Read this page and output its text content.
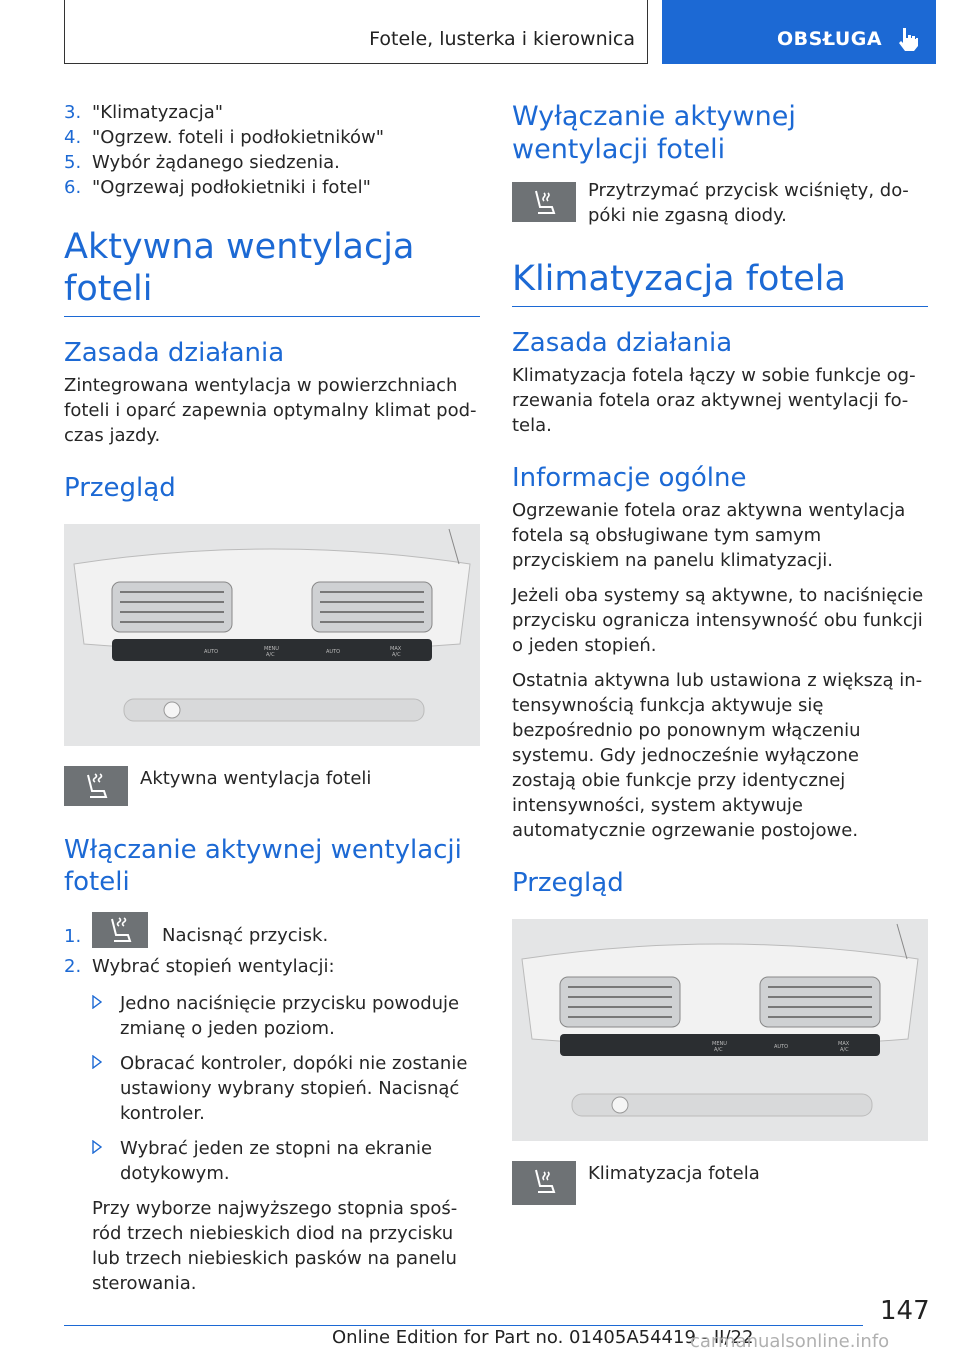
Fotele, lusterka i kierownica	OBSŁUGA
3. "Klimatyzacja"
4. "Ogrzew. foteli i podłokietników"
5. Wybór żądanego siedzenia.
6. "Ogrzewaj podłokietniki i fotel"
Aktywna wentylacja foteli
Zasada działania

Zintegrowana wentylacja w powierzchniach foteli i oparć zapewnia optymalny klimat podczas jazdy.

Przegląd
AUTO	MENU
A/C	AUTO	MAX
A/C
Aktywna wentylacja foteli
Włączanie aktywnej wentylacji foteli
1.	Nacisnąć przycisk.
2. Wybrać stopień wentylacji:
Jedno naciśnięcie przycisku powoduje zmianę o jeden poziom.
Obracać kontroler, dopóki nie zostanie ustawiony wybrany stopień. Nacisnąć kontroler.
Wybrać jeden ze stopni na ekranie dotykowym.

Przy wyborze najwyższego stopnia spośród trzech niebieskich diod na przycisku lub trzech niebieskich pasków na panelu sterowania.

Wyłączanie aktywnej wentylacji foteli
Przytrzymać przycisk wciśnięty, dopóki nie zgasną diody.
Klimatyzacja fotela
Zasada działania

Klimatyzacja fotela łączy w sobie funkcje ogrzewania fotela oraz aktywnej wentylacji fotela.

Informacje ogólne

Ogrzewanie fotela oraz aktywna wentylacja fotela są obsługiwane tym samym przyciskiem na panelu klimatyzacji.

Jeżeli oba systemy są aktywne, to naciśnięcie przycisku ogranicza intensywność obu funkcji o jeden stopień.

Ostatnia aktywna lub ustawiona z większą intensywnością funkcja aktywuje się bezpośrednio po ponownym włączeniu systemu. Gdy jednocześnie wyłączone zostają obie funkcje przy identycznej intensywności, system aktywuje automatycznie ogrzewanie postojowe.

Przegląd
MENU
A/C	AUTO	MAX
A/C
Klimatyzacja fotela
147
Online Edition for Part no. 01405A54419 - II/22
carmanualsonline.info
